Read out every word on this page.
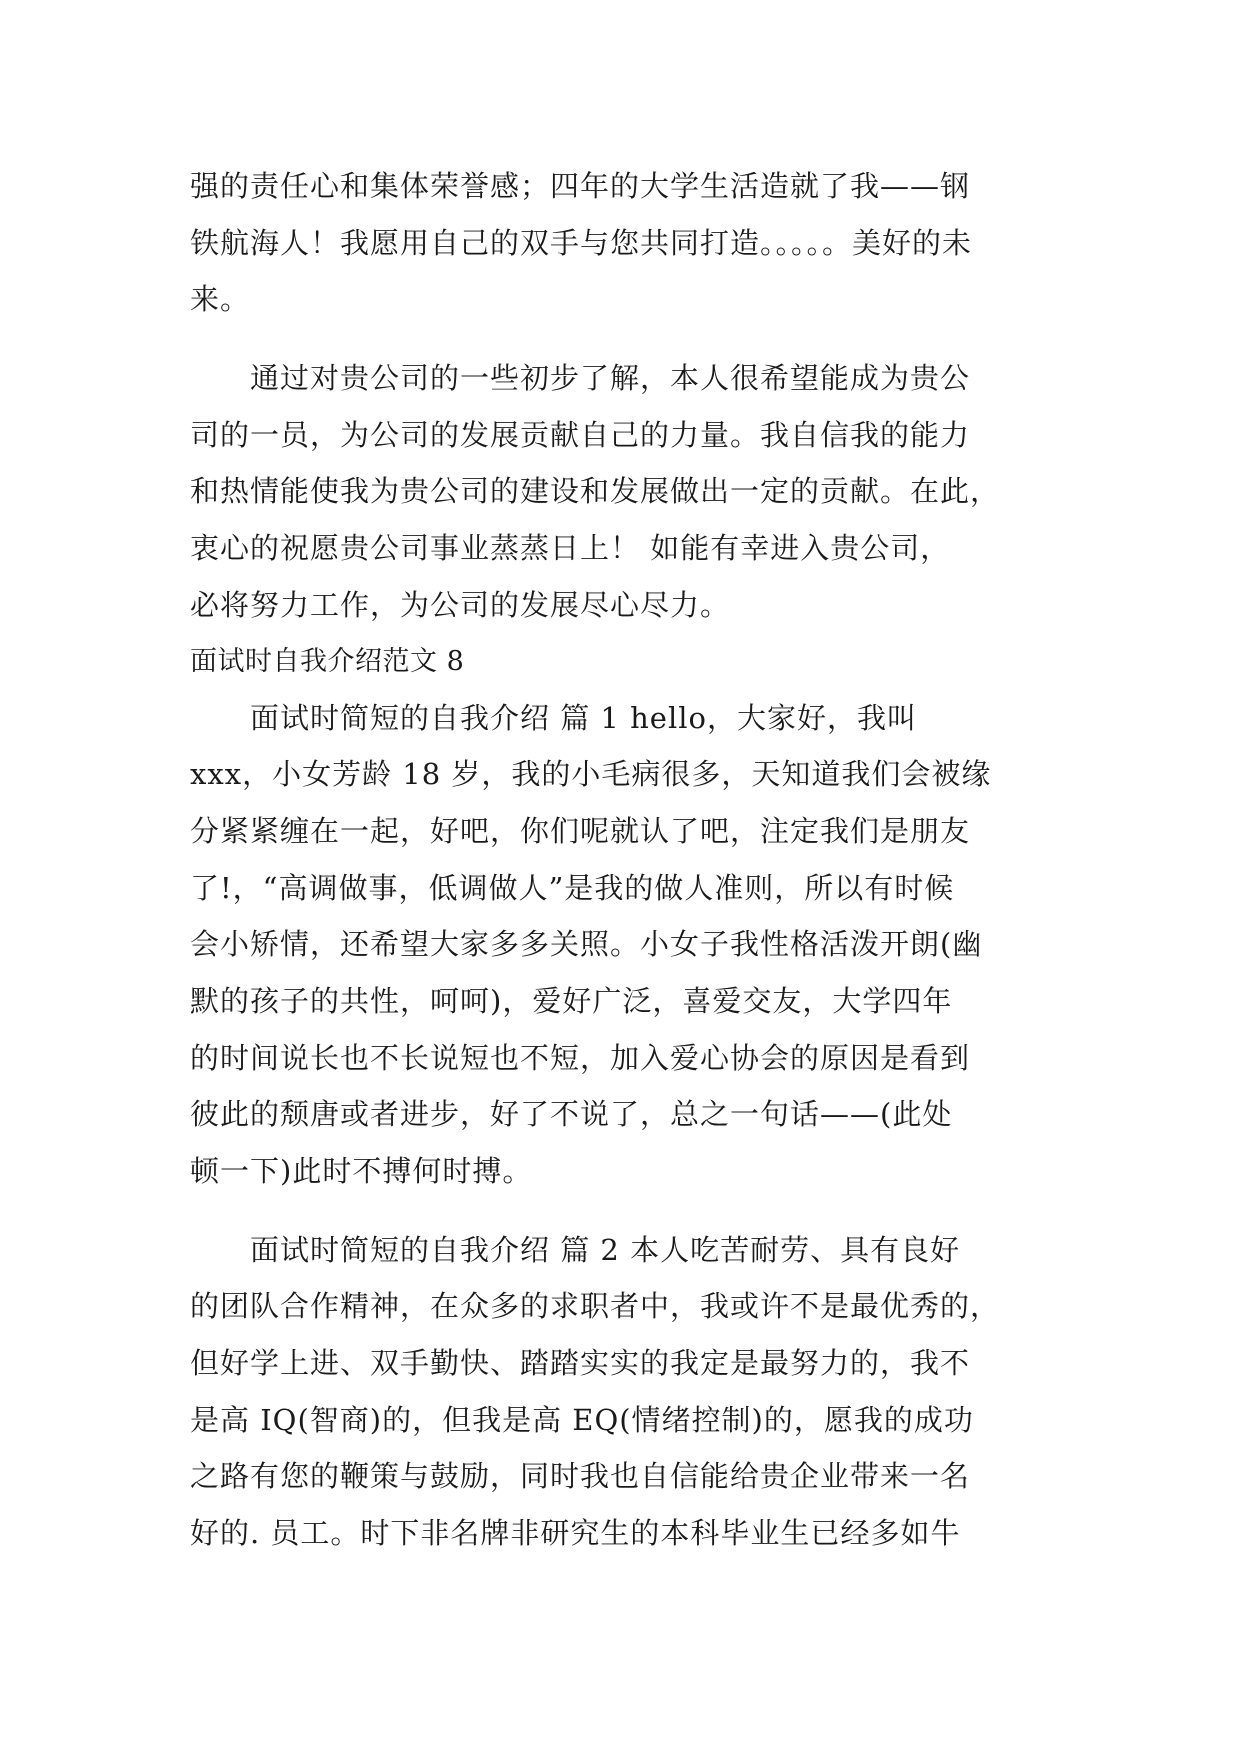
强的责任心和集体荣誉感；四年的大学生活造就了我——钢
铁航海人！我愿用自己的双手与您共同打造。。。。。美好的未
来。
通过对贵公司的一些初步了解，本人很希望能成为贵公
司的一员，为公司的发展贡献自己的力量。我自信我的能力
和热情能使我为贵公司的建设和发展做出一定的贡献。在此，
衷心的祝愿贵公司事业蒸蒸日上！ 如能有幸进入贵公司，
必将努力工作，为公司的发展尽心尽力。
面试时自我介绍范文 8
面试时简短的自我介绍 篇 1 hello，大家好，我叫
xxx，小女芳龄 18 岁，我的小毛病很多，天知道我们会被缘
分紧紧缠在一起，好吧，你们呢就认了吧，注定我们是朋友
了!，“高调做事，低调做人”是我的做人准则，所以有时候
会小矫情，还希望大家多多关照。小女子我性格活泼开朗(幽
默的孩子的共性，呵呵)，爱好广泛，喜爱交友，大学四年
的时间说长也不长说短也不短，加入爱心协会的原因是看到
彼此的颓唐或者进步，好了不说了，总之一句话——(此处
顿一下)此时不搏何时搏。
面试时简短的自我介绍 篇 2 本人吃苦耐劳、具有良好
的团队合作精神，在众多的求职者中，我或许不是最优秀的，
但好学上进、双手勤快、踏踏实实的我定是最努力的，我不
是高 IQ(智商)的，但我是高 EQ(情绪控制)的，愿我的成功
之路有您的鞭策与鼓励，同时我也自信能给贵企业带来一名
好的. 员工。时下非名牌非研究生的本科毕业生已经多如牛
